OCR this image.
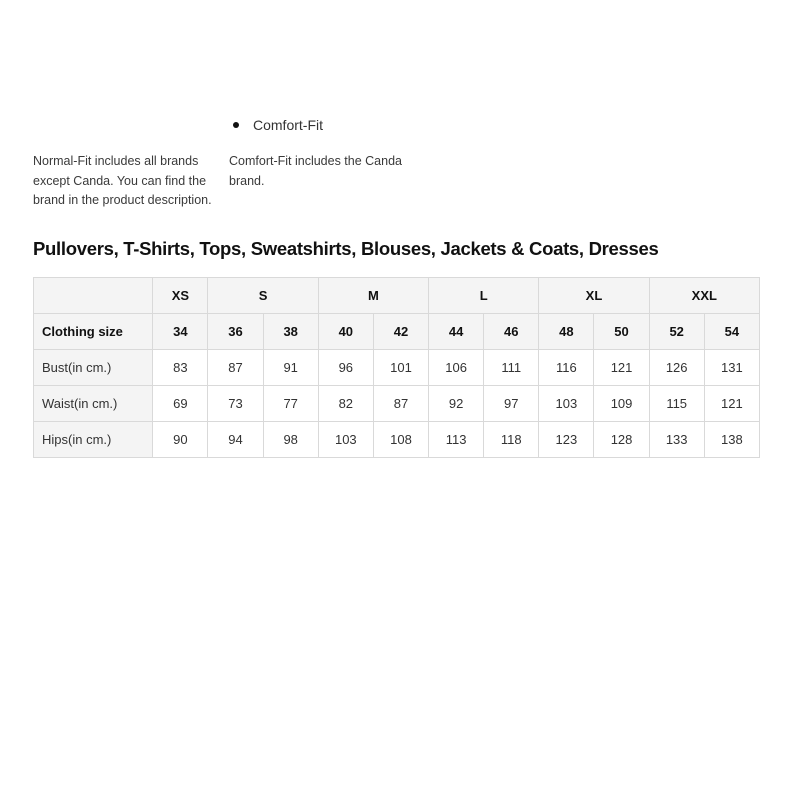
Comfort-Fit
Normal-Fit includes all brands except Canda. You can find the brand in the product description.
Comfort-Fit includes the Canda brand.
Pullovers, T-Shirts, Tops, Sweatshirts, Blouses, Jackets & Coats, Dresses
	XS	S		M		L		XL		XXL	
Clothing size	34	36	38	40	42	44	46	48	50	52	54
Bust(in cm.)	83	87	91	96	101	106	111	116	121	126	131
Waist(in cm.)	69	73	77	82	87	92	97	103	109	115	121
Hips(in cm.)	90	94	98	103	108	113	118	123	128	133	138
